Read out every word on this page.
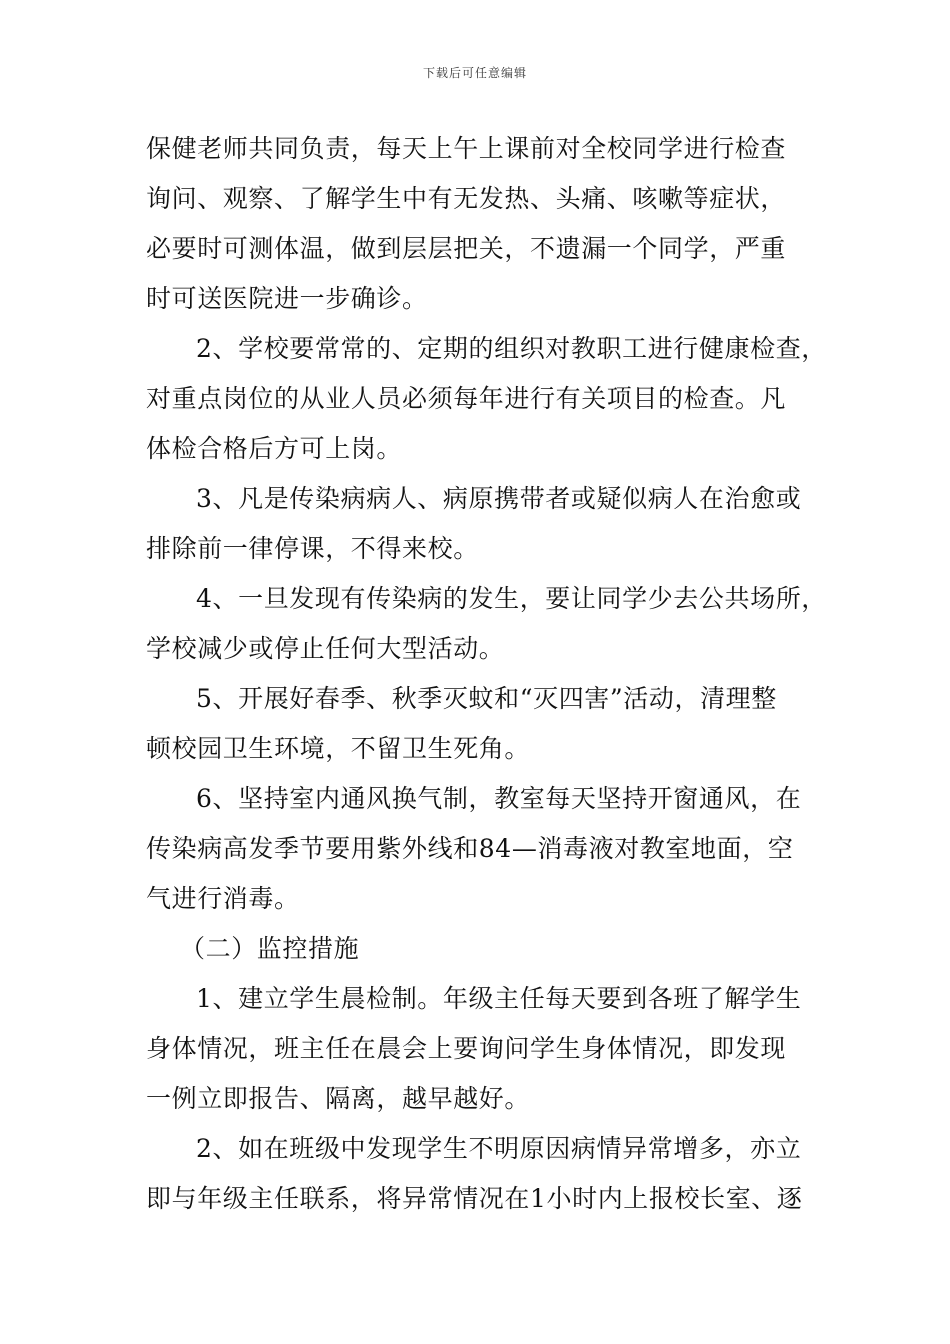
下载后可任意编辑
保健老师共同负责，每天上午上课前对全校同学进行检查
询问、观察、了解学生中有无发热、头痛、咳嗽等症状，
必要时可测体温，做到层层把关，不遗漏一个同学，严重
时可送医院进一步确诊。
2、学校要常常的、定期的组织对教职工进行健康检查，
对重点岗位的从业人员必须每年进行有关项目的检查。凡
体检合格后方可上岗。
3、凡是传染病病人、病原携带者或疑似病人在治愈或
排除前一律停课，不得来校。
4、一旦发现有传染病的发生，要让同学少去公共场所，
学校减少或停止任何大型活动。
5、开展好春季、秋季灭蚊和“灭四害”活动，清理整
顿校园卫生环境，不留卫生死角。
6、坚持室内通风换气制，教室每天坚持开窗通风，在
传染病高发季节要用紫外线和84—消毒液对教室地面，空
气进行消毒。
（二）监控措施
1、建立学生晨检制。年级主任每天要到各班了解学生
身体情况，班主任在晨会上要询问学生身体情况，即发现
一例立即报告、隔离，越早越好。
2、如在班级中发现学生不明原因病情异常增多，亦立
即与年级主任联系，将异常情况在1小时内上报校长室、逐
